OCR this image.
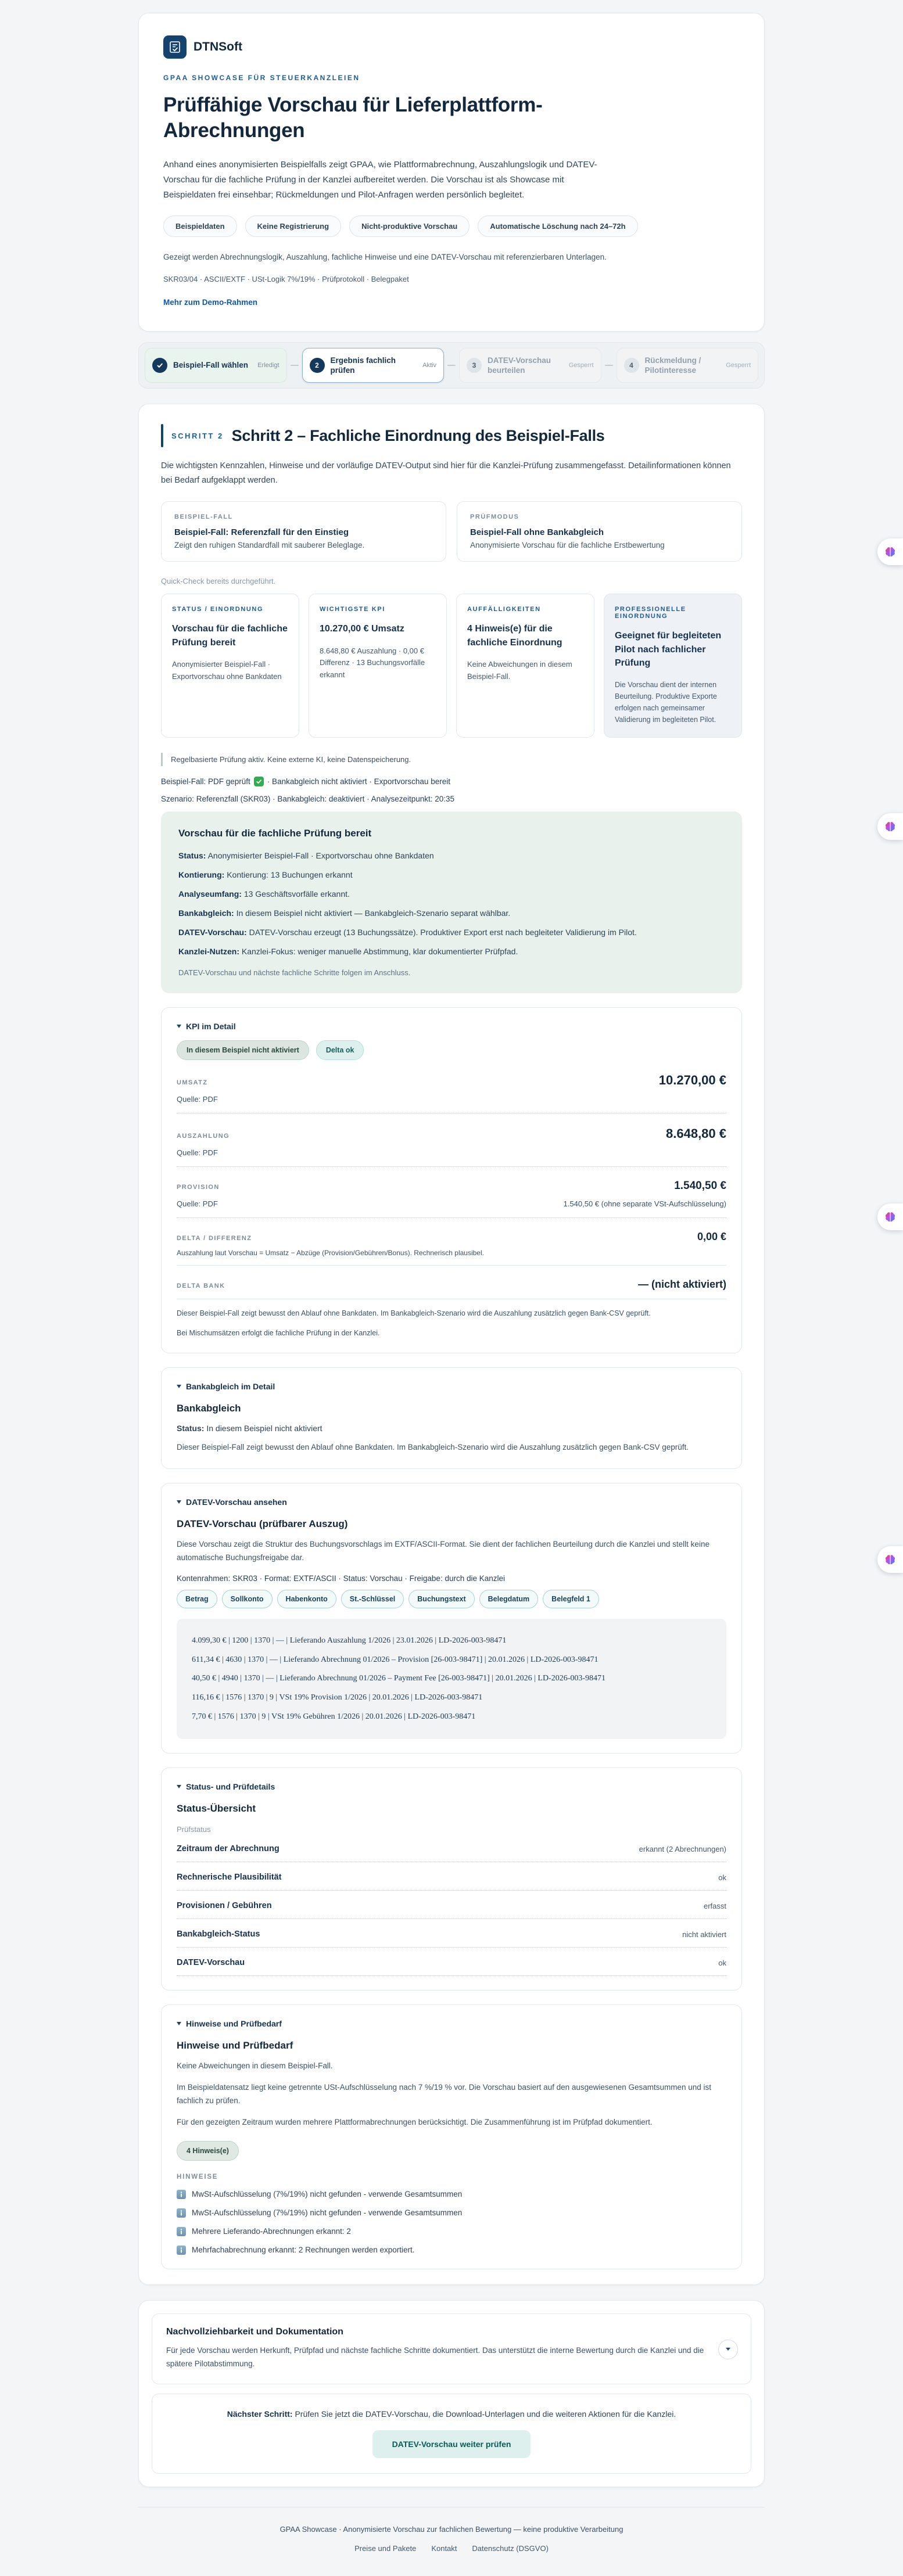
DTNSoft
GPAA SHOWCASE FÜR STEUERKANZLEIEN
Prüffähige Vorschau für Lieferplattform-Abrechnungen

Anhand eines anonymisierten Beispielfalls zeigt GPAA, wie Plattformabrechnung, Auszahlungslogik und DATEV-Vorschau für die fachliche Prüfung in der Kanzlei aufbereitet werden. Die Vorschau ist als Showcase mit Beispieldaten frei einsehbar; Rückmeldungen und Pilot-Anfragen werden persönlich begleitet.

Beispieldaten	Keine Registrierung	Nicht-produktive Vorschau	Automatische Löschung nach 24–72h

Gezeigt werden Abrechnungslogik, Auszahlung, fachliche Hinweise und eine DATEV-Vorschau mit referenzierbaren Unterlagen.

SKR03/04 · ASCII/EXTF · USt-Logik 7%/19% · Prüfprotokoll · Belegpaket
Mehr zum Demo-Rahmen
Beispiel-Fall wählen	Erledigt	2
Ergebnis fachlich prüfen
Aktiv	3
DATEV-Vorschau beurteilen
Gesperrt	4
Rückmeldung / Pilotinteresse
Gesperrt
SCHRITT 2 Schritt 2 – Fachliche Einordnung des Beispiel-Falls

Die wichtigsten Kennzahlen, Hinweise und der vorläufige DATEV-Output sind hier für die Kanzlei-Prüfung zusammengefasst. Detailinformationen können bei Bedarf aufgeklappt werden.

BEISPIEL-FALL
Beispiel-Fall: Referenzfall für den Einstieg
Zeigt den ruhigen Standardfall mit sauberer Beleglage.
PRÜFMODUS
Beispiel-Fall ohne Bankabgleich
Anonymisierte Vorschau für die fachliche Erstbewertung
Quick-Check bereits durchgeführt.
STATUS / EINORDNUNG
Vorschau für die fachliche Prüfung bereit
Anonymisierter Beispiel-Fall · Exportvorschau ohne Bankdaten
WICHTIGSTE KPI
10.270,00 € Umsatz
8.648,80 € Auszahlung · 0,00 € Differenz · 13 Buchungsvorfälle erkannt
AUFFÄLLIGKEITEN
4 Hinweis(e) für die fachliche Einordnung
Keine Abweichungen in diesem Beispiel-Fall.
PROFESSIONELLE EINORDNUNG
Geeignet für begleiteten Pilot nach fachlicher Prüfung
Die Vorschau dient der internen Beurteilung. Produktive Exporte erfolgen nach gemeinsamer Validierung im begleiteten Pilot.
Regelbasierte Prüfung aktiv. Keine externe KI, keine Datenspeicherung.
Beispiel-Fall: PDF geprüft · Bankabgleich nicht aktiviert · Exportvorschau bereit
Szenario: Referenzfall (SKR03) · Bankabgleich: deaktiviert · Analysezeitpunkt: 20:35
Vorschau für die fachliche Prüfung bereit
Status: Anonymisierter Beispiel-Fall · Exportvorschau ohne Bankdaten
Kontierung: Kontierung: 13 Buchungen erkannt
Analyseumfang: 13 Geschäftsvorfälle erkannt.
Bankabgleich: In diesem Beispiel nicht aktiviert — Bankabgleich-Szenario separat wählbar.
DATEV-Vorschau: DATEV-Vorschau erzeugt (13 Buchungssätze). Produktiver Export erst nach begleiteter Validierung im Pilot.
Kanzlei-Nutzen: Kanzlei-Fokus: weniger manuelle Abstimmung, klar dokumentierter Prüfpfad.
DATEV-Vorschau und nächste fachliche Schritte folgen im Anschluss.
KPI im Detail
In diesem Beispiel nicht aktiviert	Delta ok
UMSATZ	10.270,00 €
Quelle: PDF
AUSZAHLUNG	8.648,80 €
Quelle: PDF
PROVISION	1.540,50 €
Quelle: PDF	1.540,50 € (ohne separate VSt-Aufschlüsselung)
DELTA / DIFFERENZ	0,00 €
Auszahlung laut Vorschau = Umsatz − Abzüge (Provision/Gebühren/Bonus). Rechnerisch plausibel.
DELTA BANK	— (nicht aktiviert)

Dieser Beispiel-Fall zeigt bewusst den Ablauf ohne Bankdaten. Im Bankabgleich-Szenario wird die Auszahlung zusätzlich gegen Bank-CSV geprüft.

Bei Mischumsätzen erfolgt die fachliche Prüfung in der Kanzlei.

Bankabgleich im Detail
Bankabgleich
Status: In diesem Beispiel nicht aktiviert

Dieser Beispiel-Fall zeigt bewusst den Ablauf ohne Bankdaten. Im Bankabgleich-Szenario wird die Auszahlung zusätzlich gegen Bank-CSV geprüft.

DATEV-Vorschau ansehen
DATEV-Vorschau (prüfbarer Auszug)

Diese Vorschau zeigt die Struktur des Buchungsvorschlags im EXTF/ASCII-Format. Sie dient der fachlichen Beurteilung durch die Kanzlei und stellt keine automatische Buchungsfreigabe dar.

Kontenrahmen: SKR03 · Format: EXTF/ASCII · Status: Vorschau · Freigabe: durch die Kanzlei
Betrag	Sollkonto	Habenkonto	St.-Schlüssel	Buchungstext	Belegdatum	Belegfeld 1
4.099,30 € | 1200 | 1370 | — | Lieferando Auszahlung 1/2026 | 23.01.2026 | LD-2026-003-98471
611,34 € | 4630 | 1370 | — | Lieferando Abrechnung 01/2026 – Provision [26-003-98471] | 20.01.2026 | LD-2026-003-98471
40,50 € | 4940 | 1370 | — | Lieferando Abrechnung 01/2026 – Payment Fee [26-003-98471] | 20.01.2026 | LD-2026-003-98471
116,16 € | 1576 | 1370 | 9 | VSt 19% Provision 1/2026 | 20.01.2026 | LD-2026-003-98471
7,70 € | 1576 | 1370 | 9 | VSt 19% Gebühren 1/2026 | 20.01.2026 | LD-2026-003-98471
Status- und Prüfdetails
Status-Übersicht
Prüfstatus
Zeitraum der Abrechnung	erkannt (2 Abrechnungen)
Rechnerische Plausibilität	ok
Provisionen / Gebühren	erfasst
Bankabgleich-Status	nicht aktiviert
DATEV-Vorschau	ok
Hinweise und Prüfbedarf
Hinweise und Prüfbedarf

Keine Abweichungen in diesem Beispiel-Fall.

Im Beispieldatensatz liegt keine getrennte USt-Aufschlüsselung nach 7 %/19 % vor. Die Vorschau basiert auf den ausgewiesenen Gesamtsummen und ist fachlich zu prüfen.

Für den gezeigten Zeitraum wurden mehrere Plattformabrechnungen berücksichtigt. Die Zusammenführung ist im Prüfpfad dokumentiert.

4 Hinweis(e)
HINWEISE
MwSt-Aufschlüsselung (7%/19%) nicht gefunden - verwende Gesamtsummen
MwSt-Aufschlüsselung (7%/19%) nicht gefunden - verwende Gesamtsummen
Mehrere Lieferando-Abrechnungen erkannt: 2
Mehrfachabrechnung erkannt: 2 Rechnungen werden exportiert.
Nachvollziehbarkeit und Dokumentation

Für jede Vorschau werden Herkunft, Prüfpfad und nächste fachliche Schritte dokumentiert. Das unterstützt die interne Bewertung durch die Kanzlei und die spätere Pilotabstimmung.

Nächster Schritt: Prüfen Sie jetzt die DATEV-Vorschau, die Download-Unterlagen und die weiteren Aktionen für die Kanzlei.
DATEV-Vorschau weiter prüfen
GPAA Showcase · Anonymisierte Vorschau zur fachlichen Bewertung — keine produktive Verarbeitung
Preise und Pakete Kontakt Datenschutz (DSGVO)
